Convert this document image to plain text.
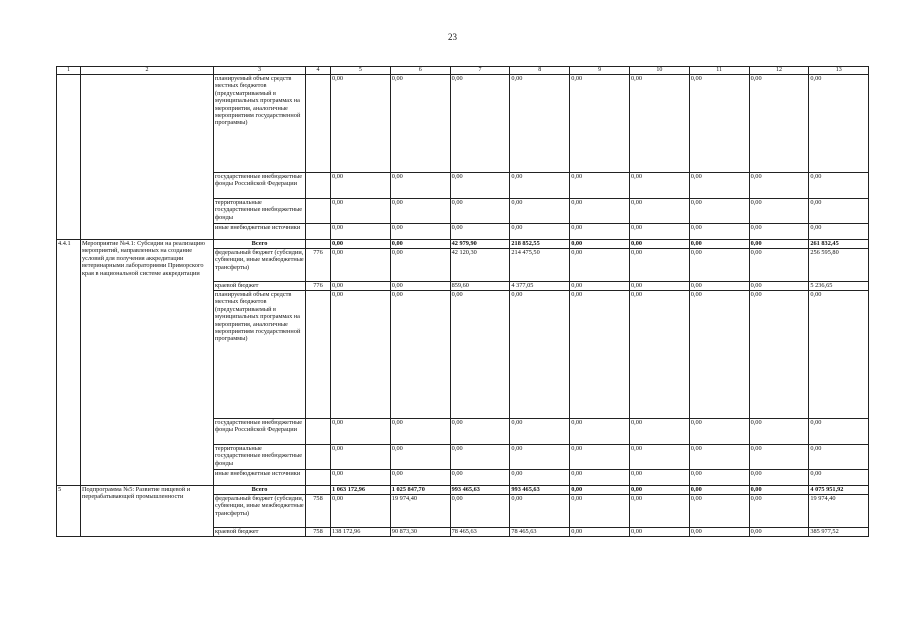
23
1	2	3	4	5	6	7	8	9	10	11	12	13
		планируемый объем средств местных бюджетов (предусматриваемый в муниципальных программах на мероприятия, аналогичные мероприятиям государственной программы)		0,00	0,00	0,00	0,00	0,00	0,00	0,00	0,00	0,00
		государственные внебюджетные фонды Российской Федерации		0,00	0,00	0,00	0,00	0,00	0,00	0,00	0,00	0,00
		территориальные государственные внебюджетные фонды		0,00	0,00	0,00	0,00	0,00	0,00	0,00	0,00	0,00
		иные внебюджетные источники		0,00	0,00	0,00	0,00	0,00	0,00	0,00	0,00	0,00
4.4.1	Мероприятие №4.1: Субсидии на реализацию мероприятий, направленных на создание условий для получения аккредитации ветеринарными лабораториями Приморского края в национальной системе аккредитации	Всего		0,00	0,00	42 979,90	218 852,55	0,00	0,00	0,00	0,00	261 832,45
		федеральный бюджет (субсидии, субвенции, иные межбюджетные трансферты)	776	0,00	0,00	42 120,30	214 475,50	0,00	0,00	0,00	0,00	256 595,80
		краевой бюджет	776	0,00	0,00	859,60	4 377,05	0,00	0,00	0,00	0,00	5 236,65
		планируемый объем средств местных бюджетов (предусматриваемый в муниципальных программах на мероприятия, аналогичные мероприятиям государственной программы)		0,00	0,00	0,00	0,00	0,00	0,00	0,00	0,00	0,00
		государственные внебюджетные фонды Российской Федерации		0,00	0,00	0,00	0,00	0,00	0,00	0,00	0,00	0,00
		территориальные государственные внебюджетные фонды		0,00	0,00	0,00	0,00	0,00	0,00	0,00	0,00	0,00
		иные внебюджетные источники		0,00	0,00	0,00	0,00	0,00	0,00	0,00	0,00	0,00
5	Подпрограмма №5: Развитие пищевой и перерабатывающей промышленности	Всего		1 063 172,96	1 025 847,70	993 465,63	993 465,63	0,00	0,00	0,00	0,00	4 075 951,92
		федеральный бюджет (субсидии, субвенции, иные межбюджетные трансферты)	758	0,00	19 974,40	0,00	0,00	0,00	0,00	0,00	0,00	19 974,40
		краевой бюджет	758	138 172,96	90 873,30	78 465,63	78 465,63	0,00	0,00	0,00	0,00	385 977,52
